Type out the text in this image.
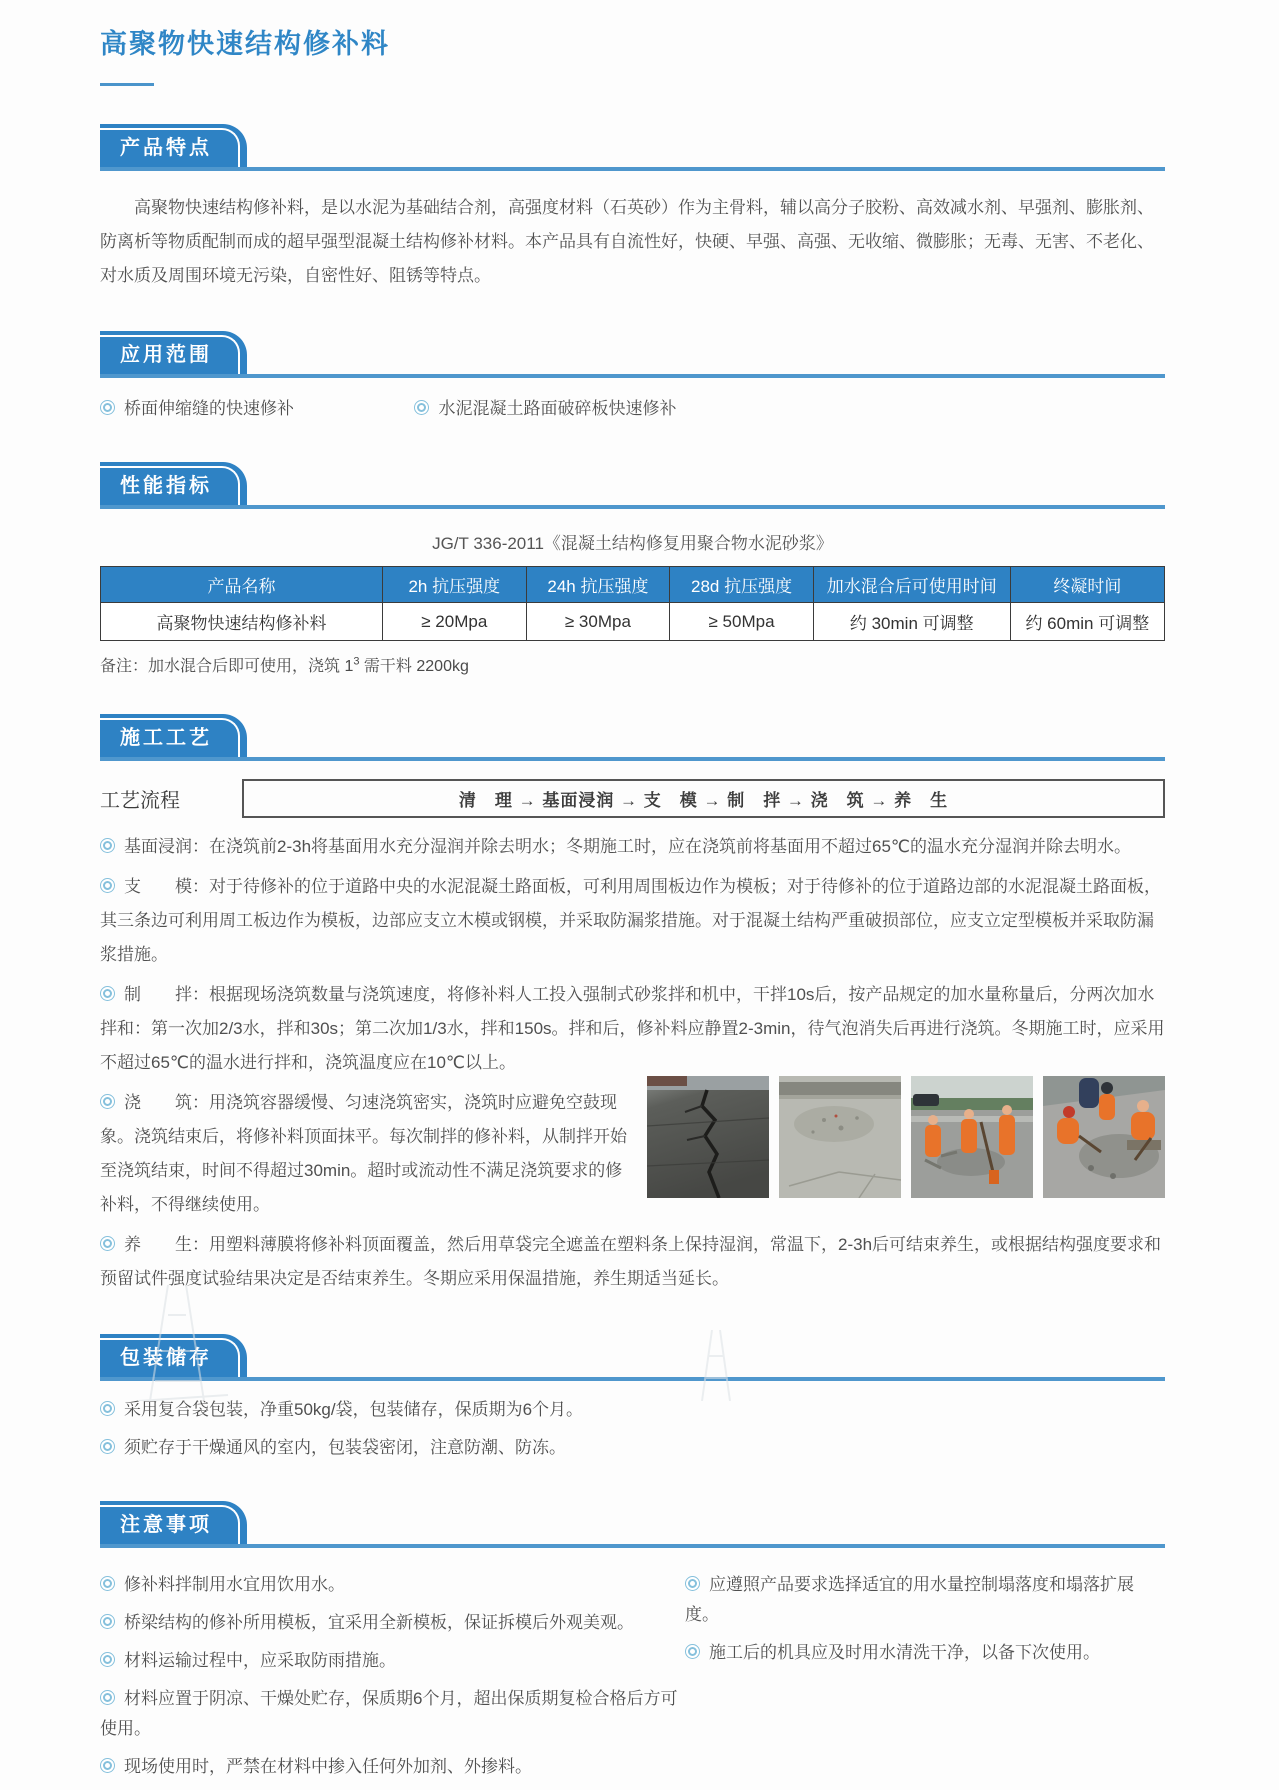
高聚物快速结构修补料
产品特点

高聚物快速结构修补料，是以水泥为基础结合剂，高强度材料（石英砂）作为主骨料，辅以高分子胶粉、高效减水剂、早强剂、膨胀剂、防离析等物质配制而成的超早强型混凝土结构修补材料。本产品具有自流性好，快硬、早强、高强、无收缩、微膨胀；无毒、无害、不老化、对水质及周围环境无污染，自密性好、阻锈等特点。

应用范围
桥面伸缩缝的快速修补	水泥混凝土路面破碎板快速修补
性能指标
JG/T 336-2011《混凝土结构修复用聚合物水泥砂浆》
产品名称	2h 抗压强度	24h 抗压强度	28d 抗压强度	加水混合后可使用时间	终凝时间
高聚物快速结构修补料	≥ 20Mpa	≥ 30Mpa	≥ 50Mpa	约 30min 可调整	约 60min 可调整

备注：加水混合后即可使用，浇筑 $1^3$ 需干料 2200kg

施工工艺
工艺流程	清　理 → 基面浸润 → 支　模 → 制　拌 → 浇　筑 → 养　生

基面浸润：在浇筑前2-3h将基面用水充分湿润并除去明水；冬期施工时，应在浇筑前将基面用不超过65℃的温水充分湿润并除去明水。

支　　模：对于待修补的位于道路中央的水泥混凝土路面板，可利用周围板边作为模板；对于待修补的位于道路边部的水泥混凝土路面板，其三条边可利用周工板边作为模板，边部应支立木模或钢模，并采取防漏浆措施。对于混凝土结构严重破损部位，应支立定型模板并采取防漏浆措施。

制　　拌：根据现场浇筑数量与浇筑速度，将修补料人工投入强制式砂浆拌和机中，干拌10s后，按产品规定的加水量称量后，分两次加水拌和：第一次加2/3水，拌和30s；第二次加1/3水，拌和150s。拌和后，修补料应静置2-3min，待气泡消失后再进行浇筑。冬期施工时，应采用不超过65℃的温水进行拌和，浇筑温度应在10℃以上。

浇　　筑：用浇筑容器缓慢、匀速浇筑密实，浇筑时应避免空鼓现象。浇筑结束后，将修补料顶面抹平。每次制拌的修补料，从制拌开始至浇筑结束，时间不得超过30min。超时或流动性不满足浇筑要求的修补料，不得继续使用。

养　　生：用塑料薄膜将修补料顶面覆盖，然后用草袋完全遮盖在塑料条上保持湿润，常温下，2-3h后可结束养生，或根据结构强度要求和预留试件强度试验结果决定是否结束养生。冬期应采用保温措施，养生期适当延长。

包装储存
采用复合袋包装，净重50kg/袋，包装储存，保质期为6个月。
须贮存于干燥通风的室内，包装袋密闭，注意防潮、防冻。
注意事项
修补料拌制用水宜用饮用水。
桥梁结构的修补所用模板，宜采用全新模板，保证拆模后外观美观。
材料运输过程中，应采取防雨措施。
材料应置于阴凉、干燥处贮存，保质期6个月，超出保质期复检合格后方可使用。
现场使用时，严禁在材料中掺入任何外加剂、外掺料。
应遵照产品要求选择适宜的用水量控制塌落度和塌落扩展度。
施工后的机具应及时用水清洗干净，以备下次使用。
